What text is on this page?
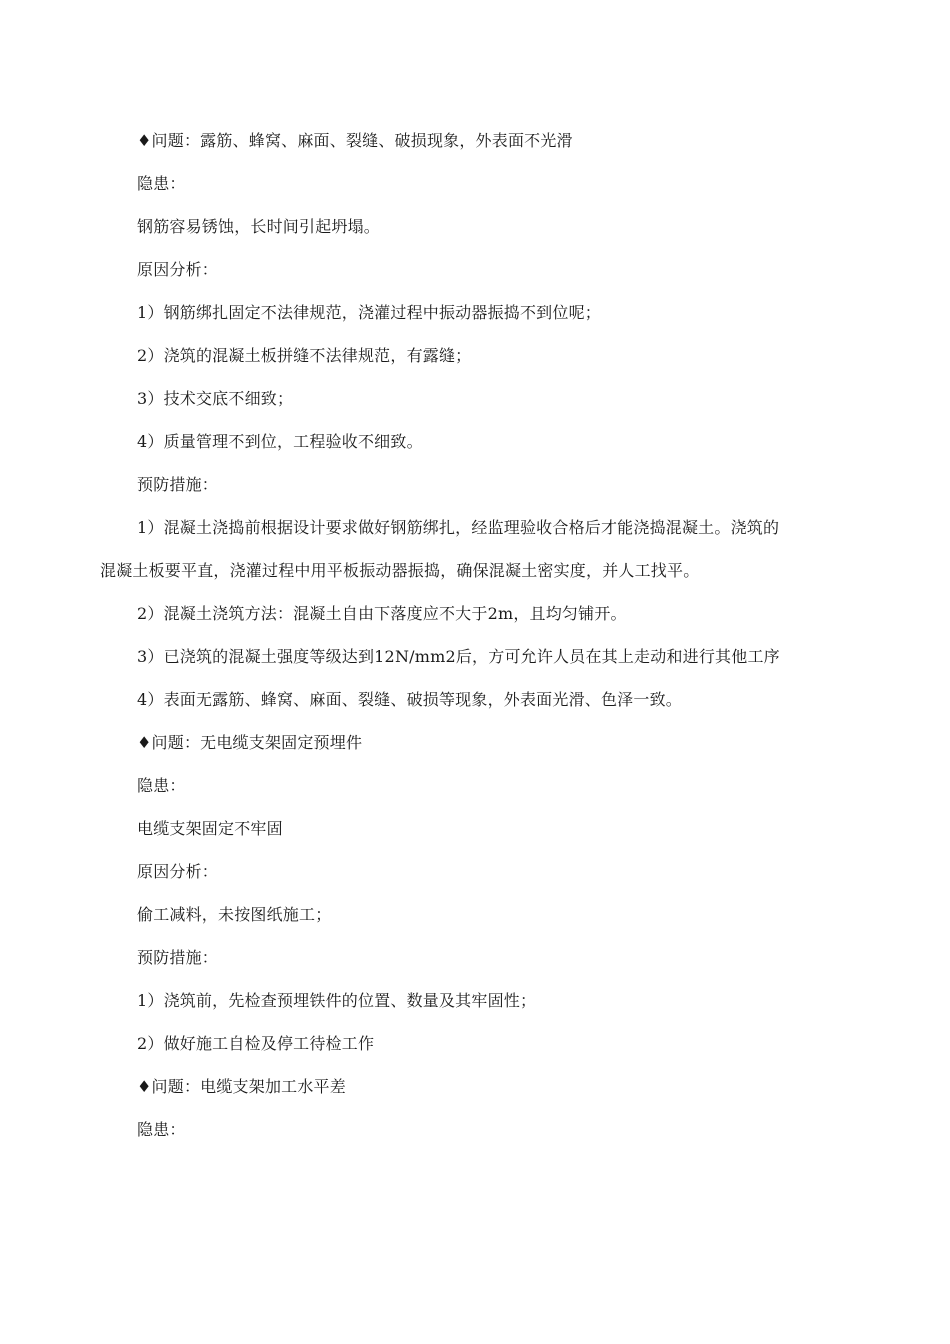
♦问题：露筋、蜂窝、麻面、裂缝、破损现象，外表面不光滑
隐患：
钢筋容易锈蚀，长时间引起坍塌。
原因分析：
1）钢筋绑扎固定不法律规范，浇灌过程中振动器振捣不到位呢；
2）浇筑的混凝土板拼缝不法律规范，有露缝；
3）技术交底不细致；
4）质量管理不到位，工程验收不细致。
预防措施：
1）混凝土浇捣前根据设计要求做好钢筋绑扎，经监理验收合格后才能浇捣混凝土。浇筑的
混凝土板要平直，浇灌过程中用平板振动器振捣，确保混凝土密实度，并人工找平。
2）混凝土浇筑方法：混凝土自由下落度应不大于2m，且均匀铺开。
3）已浇筑的混凝土强度等级达到12N/mm2后，方可允许人员在其上走动和进行其他工序
4）表面无露筋、蜂窝、麻面、裂缝、破损等现象，外表面光滑、色泽一致。
♦问题：无电缆支架固定预埋件
隐患：
电缆支架固定不牢固
原因分析：
偷工减料，未按图纸施工；
预防措施：
1）浇筑前，先检查预埋铁件的位置、数量及其牢固性；
2）做好施工自检及停工待检工作
♦问题：电缆支架加工水平差
隐患：
